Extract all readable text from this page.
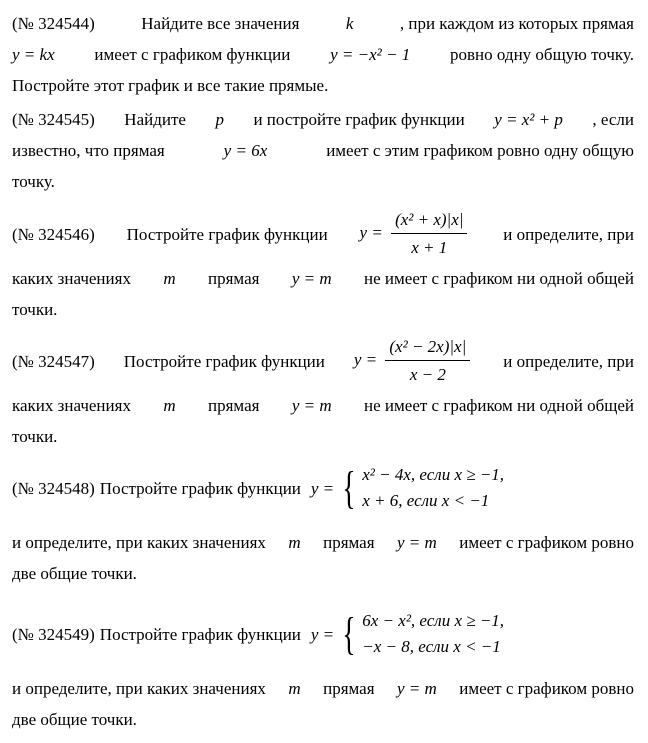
(№ 324544)	Найдите все значения	k	, при каждом из которых прямая
y = kx имеет с графиком функции y = −x² − 1 ровно одну общую точку.
Постройте этот график и все такие прямые.
(№ 324545) Найдите p и постройте график функции y = x² + p , если
известно, что прямая	y = 6x	имеет с этим графиком ровно одну общую
точку.
(№ 324546) Постройте график функции $y = \frac{\text{(x² + x)|x|}}{x + 1}$ и определите, при
каких значениях m прямая y = m не имеет с графиком ни одной общей
точки.
(№ 324547) Постройте график функции $y = \frac{\text{(x² − 2x)|x|}}{x - 2}$ и определите, при
каких значениях m прямая y = m не имеет с графиком ни одной общей
точки.
(№ 324548) Постройте график функции y = { x² − 4x, если x ≥ −1,
x + 6, если x < −1
и определите, при каких значениях m прямая y = m имеет с графиком ровно
две общие точки.
(№ 324549) Постройте график функции y = { 6x − x², если x ≥ −1,
−x − 8, если x < −1
и определите, при каких значениях m прямая y = m имеет с графиком ровно
две общие точки.
